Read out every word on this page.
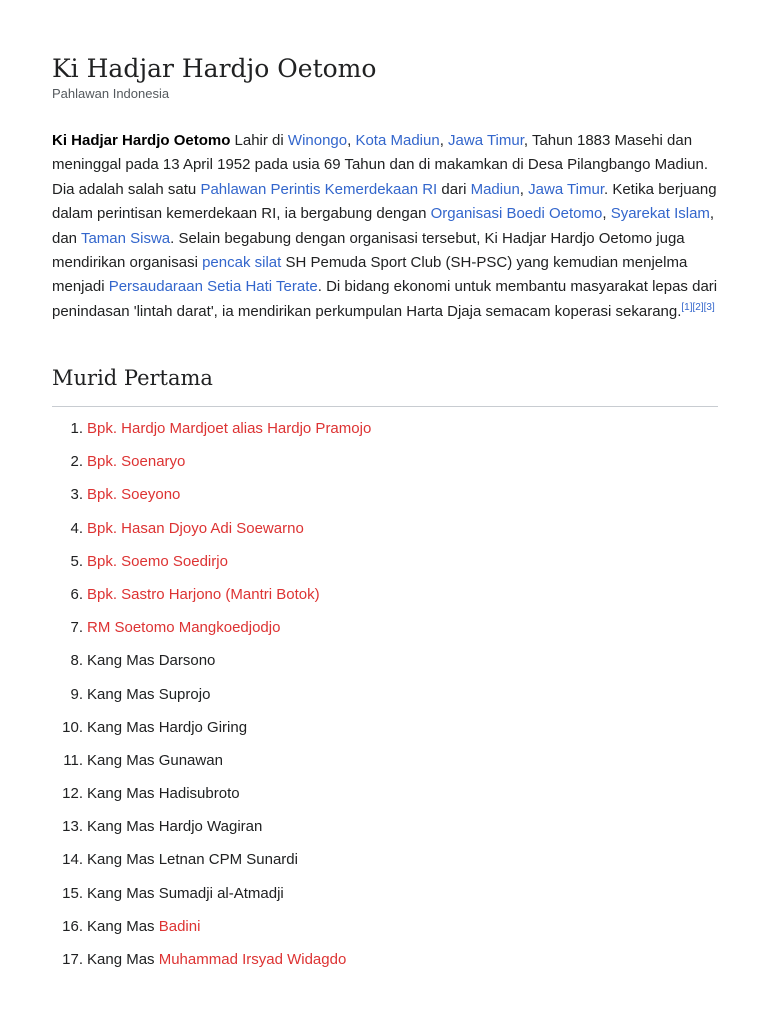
Ki Hadjar Hardjo Oetomo
Pahlawan Indonesia

Ki Hadjar Hardjo Oetomo Lahir di Winongo, Kota Madiun, Jawa Timur, Tahun 1883 Masehi dan meninggal pada 13 April 1952 pada usia 69 Tahun dan di makamkan di Desa Pilangbango Madiun. Dia adalah salah satu Pahlawan Perintis Kemerdekaan RI dari Madiun, Jawa Timur. Ketika berjuang dalam perintisan kemerdekaan RI, ia bergabung dengan Organisasi Boedi Oetomo, Syarekat Islam, dan Taman Siswa. Selain begabung dengan organisasi tersebut, Ki Hadjar Hardjo Oetomo juga mendirikan organisasi pencak silat SH Pemuda Sport Club (SH-PSC) yang kemudian menjelma menjadi Persaudaraan Setia Hati Terate. Di bidang ekonomi untuk membantu masyarakat lepas dari penindasan 'lintah darat', ia mendirikan perkumpulan Harta Djaja semacam koperasi sekarang.[1][2][3]

Murid Pertama
1. Bpk. Hardjo Mardjoet alias Hardjo Pramojo
2. Bpk. Soenaryo
3. Bpk. Soeyono
4. Bpk. Hasan Djoyo Adi Soewarno
5. Bpk. Soemo Soedirjo
6. Bpk. Sastro Harjono (Mantri Botok)
7. RM Soetomo Mangkoedjodjo
8. Kang Mas Darsono
9. Kang Mas Suprojo
10. Kang Mas Hardjo Giring
11. Kang Mas Gunawan
12. Kang Mas Hadisubroto
13. Kang Mas Hardjo Wagiran
14. Kang Mas Letnan CPM Sunardi
15. Kang Mas Sumadji al-Atmadji
16. Kang Mas Badini
17. Kang Mas Muhammad Irsyad Widagdo
